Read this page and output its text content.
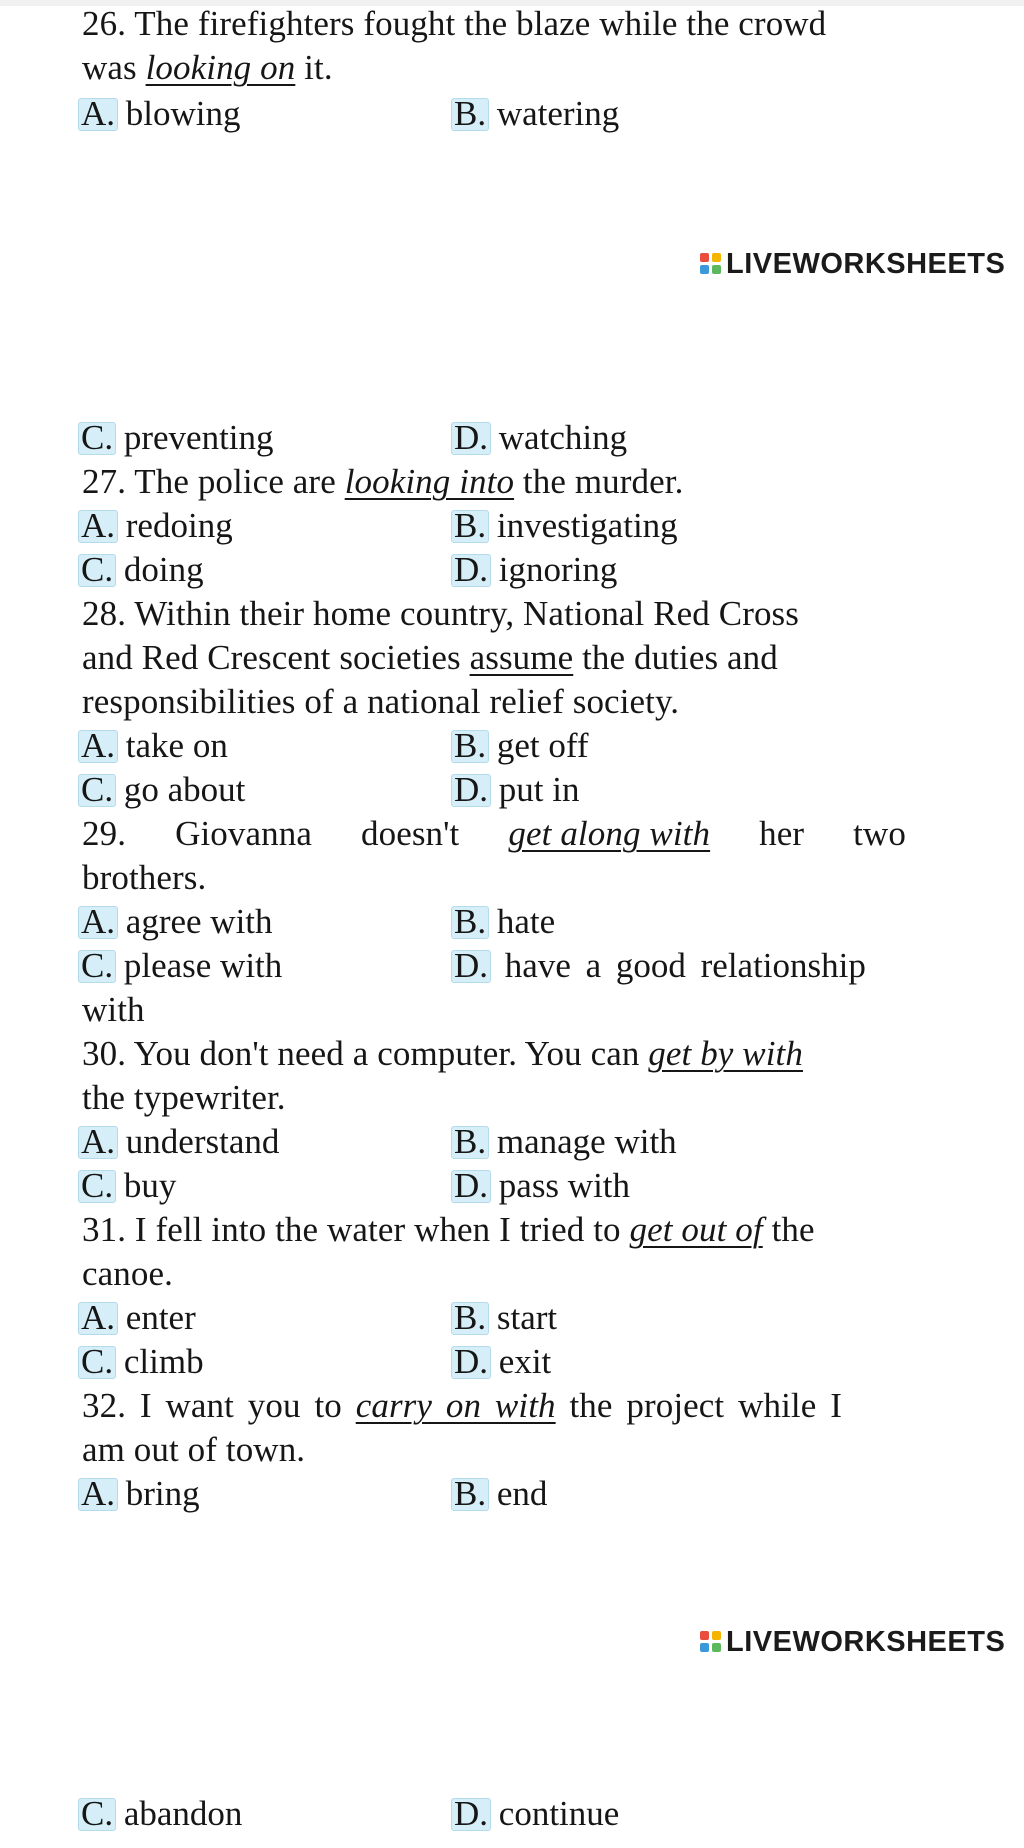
26. The firefighters fought the blaze while the crowd
was looking on it.
A. blowing	B. watering
LIVEWORKSHEETS
C. preventing	D. watching
27. The police are looking into the murder.
A. redoing	B. investigating
C. doing	D. ignoring
28. Within their home country, National Red Cross
and Red Crescent societies assume the duties and
responsibilities of a national relief society.
A. take on	B. get off
C. go about	D. put in
29. Giovanna doesn't get along with her two
brothers.
A. agree with	B. hate
C. please with	D. have a good relationship
with
30. You don't need a computer. You can get by with
the typewriter.
A. understand	B. manage with
C. buy	D. pass with
31. I fell into the water when I tried to get out of the
canoe.
A. enter	B. start
C. climb	D. exit
32. I want you to carry on with the project while I
am out of town.
A. bring	B. end
LIVEWORKSHEETS
C. abandon	D. continue
